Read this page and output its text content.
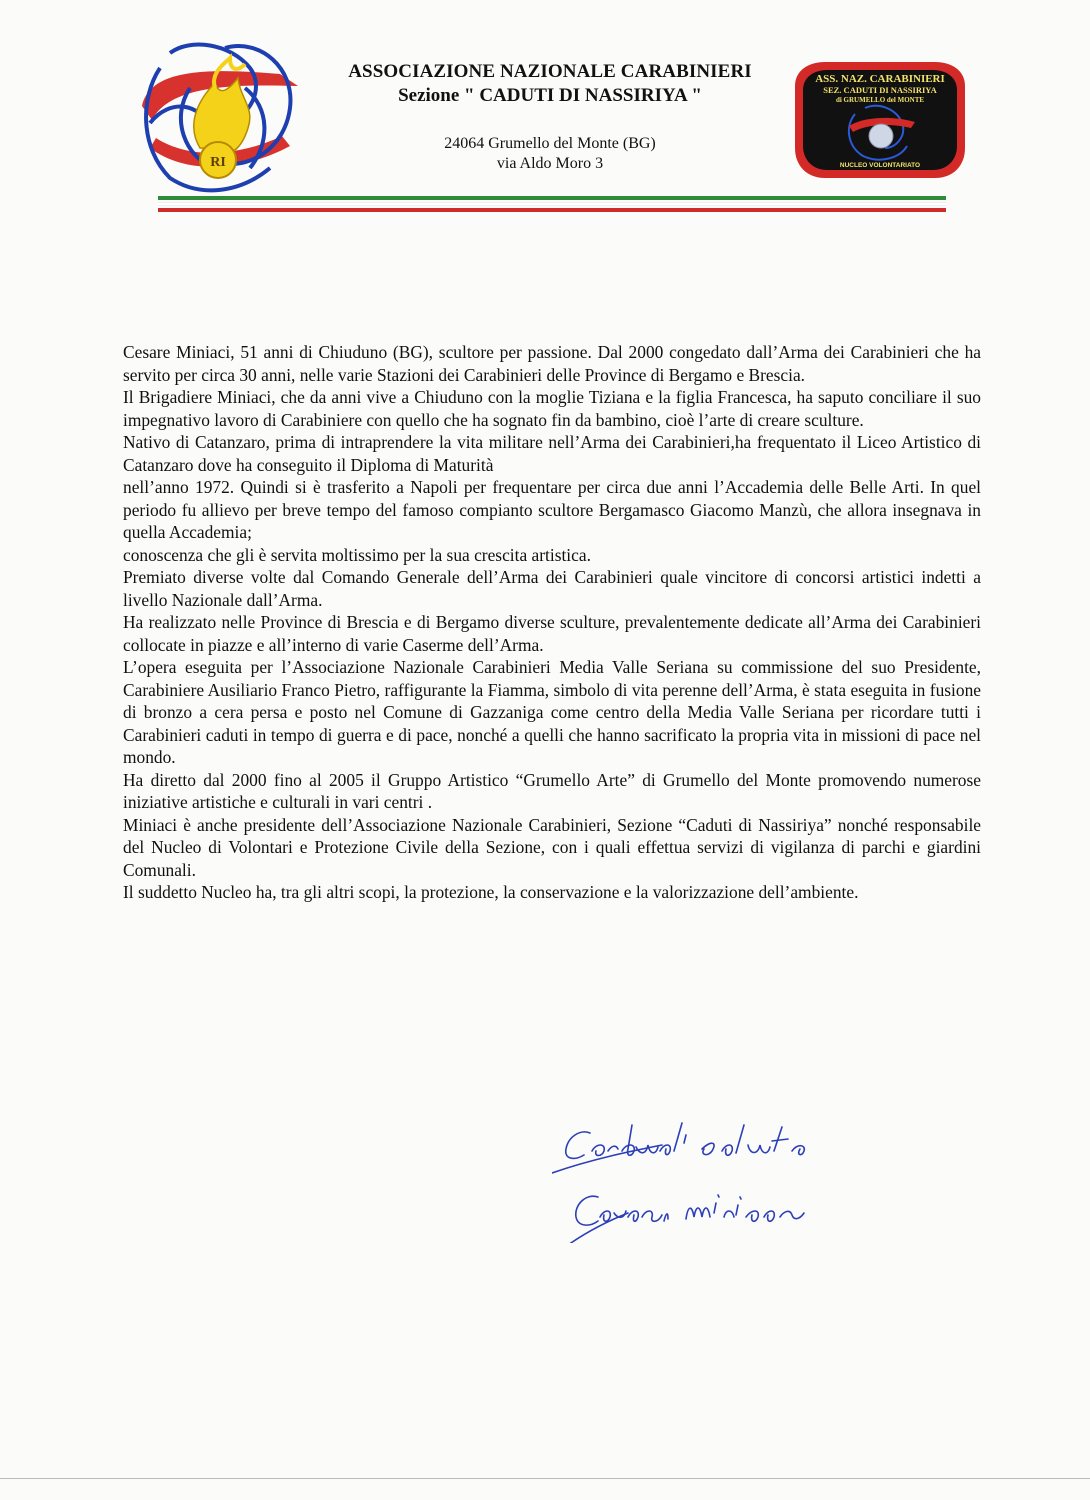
RI
ASSOCIAZIONE NAZIONALE CARABINIERI
Sezione " CADUTI DI NASSIRIYA "
24064 Grumello del Monte (BG)
via Aldo Moro 3
ASS. NAZ. CARABINIERI
SEZ. CADUTI DI NASSIRIYA
di GRUMELLO del MONTE
NUCLEO VOLONTARIATO

Cesare Miniaci, 51 anni di Chiuduno (BG), scultore per passione. Dal 2000 congedato dall’Arma dei Carabinieri che ha servito per circa 30 anni, nelle varie Stazioni dei Carabinieri delle Province di Bergamo e Brescia.

Il Brigadiere Miniaci, che da anni vive a Chiuduno con la moglie Tiziana e la figlia Francesca, ha saputo conciliare il suo impegnativo lavoro di Carabiniere con quello che ha sognato fin da bambino, cioè l’arte di creare sculture.

Nativo di Catanzaro, prima di intraprendere la vita militare nell’Arma dei Carabinieri,ha frequentato il Liceo Artistico di Catanzaro dove ha conseguito il Diploma di Maturità

nell’anno 1972. Quindi si è trasferito a Napoli per frequentare per circa due anni l’Accademia delle Belle Arti. In quel periodo fu allievo per breve tempo del famoso compianto scultore Bergamasco Giacomo Manzù, che allora insegnava in quella Accademia;

conoscenza che gli è servita moltissimo per la sua crescita artistica.

Premiato diverse volte dal Comando Generale dell’Arma dei Carabinieri quale vincitore di concorsi artistici indetti a livello Nazionale dall’Arma.

Ha realizzato nelle Province di Brescia e di Bergamo diverse sculture, prevalentemente dedicate all’Arma dei Carabinieri collocate in piazze e all’interno di varie Caserme dell’Arma.

L’opera eseguita per l’Associazione Nazionale Carabinieri Media Valle Seriana su commissione del suo Presidente, Carabiniere Ausiliario Franco Pietro, raffigurante la Fiamma, simbolo di vita perenne dell’Arma, è stata eseguita in fusione di bronzo a cera persa e posto nel Comune di Gazzaniga come centro della Media Valle Seriana per ricordare tutti i Carabinieri caduti in tempo di guerra e di pace, nonché a quelli che hanno sacrificato la propria vita in missioni di pace nel mondo.

Ha diretto dal 2000 fino al 2005 il Gruppo Artistico “Grumello Arte” di Grumello del Monte promovendo numerose iniziative artistiche e culturali in vari centri .

Miniaci è anche presidente dell’Associazione Nazionale Carabinieri, Sezione “Caduti di Nassiriya” nonché responsabile del Nucleo di Volontari e Protezione Civile della Sezione, con i quali effettua servizi di vigilanza di parchi e giardini Comunali.

Il suddetto Nucleo ha, tra gli altri scopi, la protezione, la conservazione e la valorizzazione dell’ambiente.
